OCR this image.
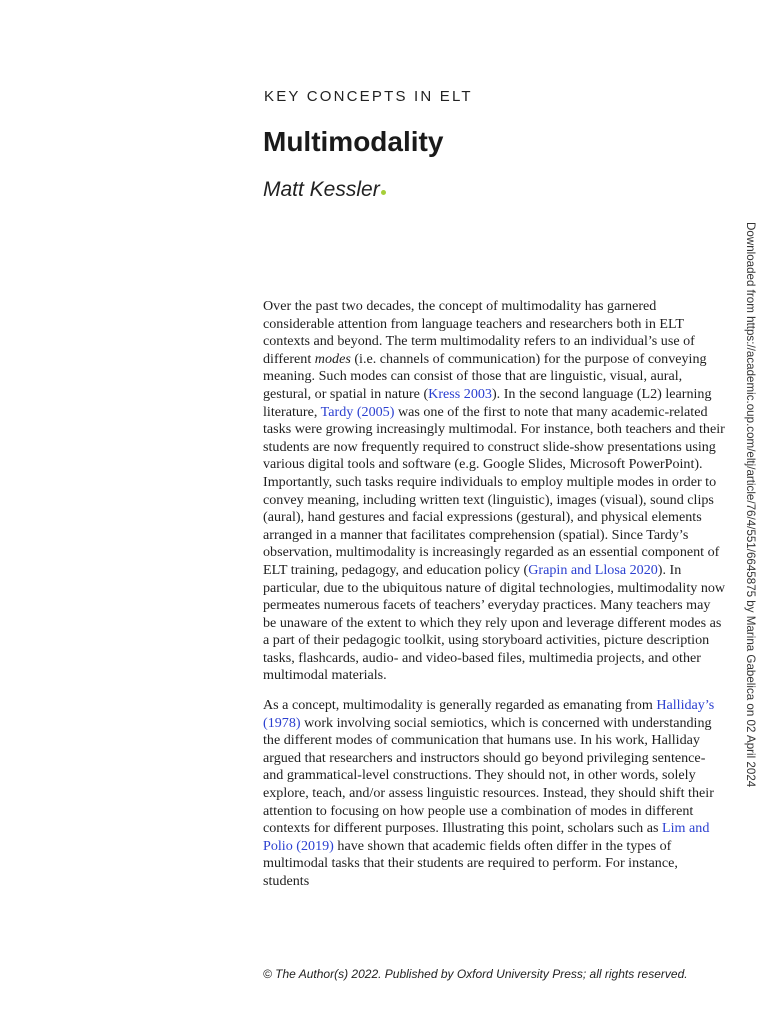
KEY CONCEPTS IN ELT
Multimodality
Matt Kessler

Over the past two decades, the concept of multimodality has garnered considerable attention from language teachers and researchers both in ELT contexts and beyond. The term multimodality refers to an individual’s use of different modes (i.e. channels of communication) for the purpose of conveying meaning. Such modes can consist of those that are linguistic, visual, aural, gestural, or spatial in nature (Kress 2003). In the second language (L2) learning literature, Tardy (2005) was one of the first to note that many academic-related tasks were growing increasingly multimodal. For instance, both teachers and their students are now frequently required to construct slide-show presentations using various digital tools and software (e.g. Google Slides, Microsoft PowerPoint). Importantly, such tasks require individuals to employ multiple modes in order to convey meaning, including written text (linguistic), images (visual), sound clips (aural), hand gestures and facial expressions (gestural), and physical elements arranged in a manner that facilitates comprehension (spatial). Since Tardy’s observation, multimodality is increasingly regarded as an essential component of ELT training, pedagogy, and education policy (Grapin and Llosa 2020). In particular, due to the ubiquitous nature of digital technologies, multimodality now permeates numerous facets of teachers’ everyday practices. Many teachers may be unaware of the extent to which they rely upon and leverage different modes as a part of their pedagogic toolkit, using storyboard activities, picture description tasks, flashcards, audio- and video-based files, multimedia projects, and other multimodal materials.

As a concept, multimodality is generally regarded as emanating from Halliday’s (1978) work involving social semiotics, which is concerned with understanding the different modes of communication that humans use. In his work, Halliday argued that researchers and instructors should go beyond privileging sentence- and grammatical-level constructions. They should not, in other words, solely explore, teach, and/or assess linguistic resources. Instead, they should shift their attention to focusing on how people use a combination of modes in different contexts for different purposes. Illustrating this point, scholars such as Lim and Polio (2019) have shown that academic fields often differ in the types of multimodal tasks that their students are required to perform. For instance, students

© The Author(s) 2022. Published by Oxford University Press; all rights reserved.
Downloaded from https://academic.oup.com/eltj/article/76/4/551/6645875 by Marina Gabelica on 02 April 2024
